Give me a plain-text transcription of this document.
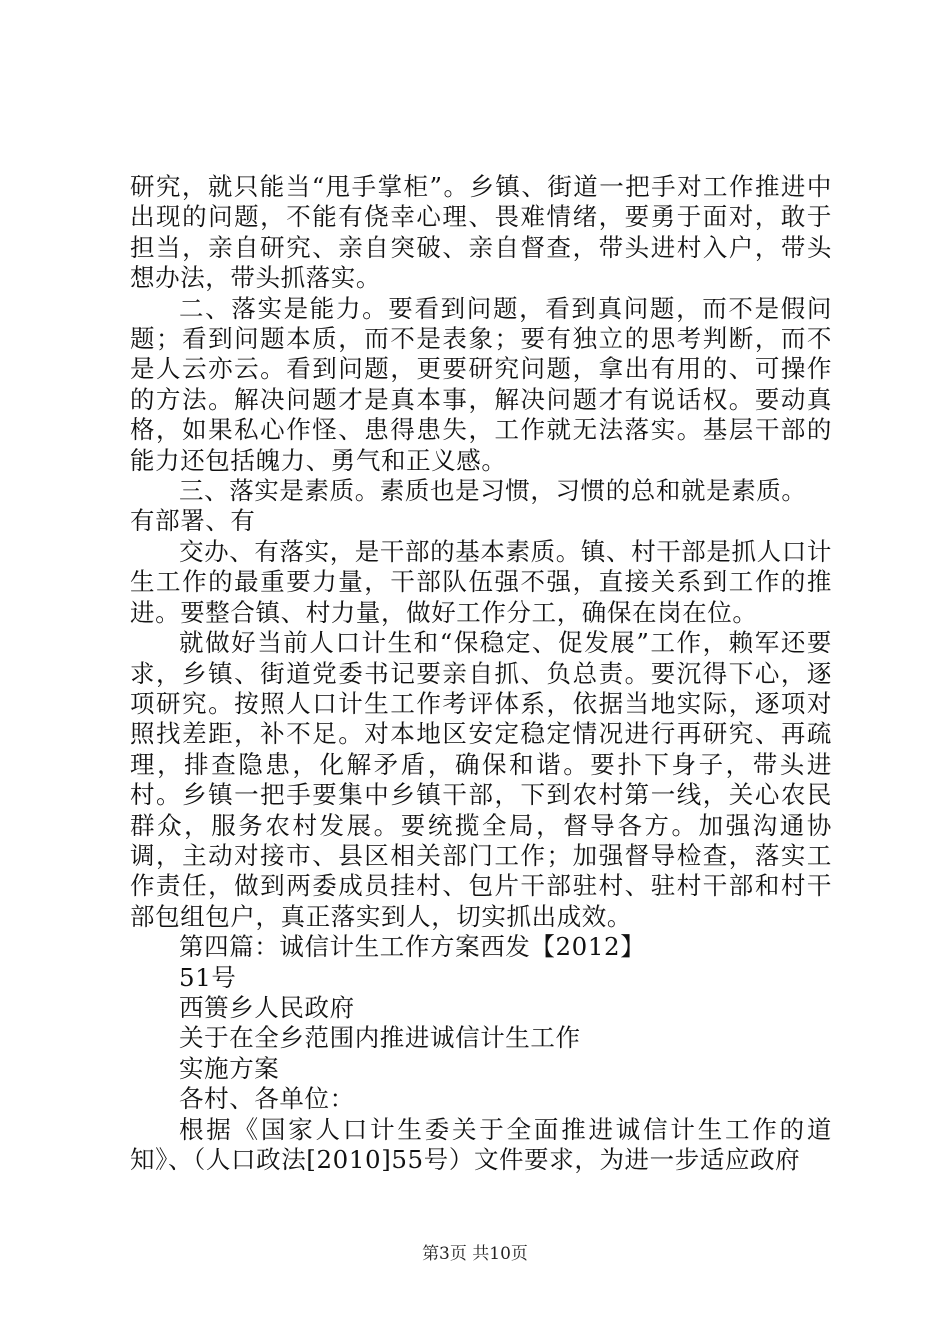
研究，就只能当“甩手掌柜”。乡镇、街道一把手对工作推进中出现的问题，不能有侥幸心理、畏难情绪，要勇于面对，敢于担当，亲自研究、亲自突破、亲自督查，带头进村入户，带头想办法，带头抓落实。

二、落实是能力。要看到问题，看到真问题，而不是假问题；看到问题本质，而不是表象；要有独立的思考判断，而不是人云亦云。看到问题，更要研究问题，拿出有用的、可操作的方法。解决问题才是真本事，解决问题才有说话权。要动真格，如果私心作怪、患得患失，工作就无法落实。基层干部的能力还包括魄力、勇气和正义感。

三、落实是素质。素质也是习惯，习惯的总和就是素质。

有部署、有

交办、有落实，是干部的基本素质。镇、村干部是抓人口计生工作的最重要力量，干部队伍强不强，直接关系到工作的推进。要整合镇、村力量，做好工作分工，确保在岗在位。

就做好当前人口计生和“保稳定、促发展”工作，赖军还要求，乡镇、街道党委书记要亲自抓、负总责。要沉得下心，逐项研究。按照人口计生工作考评体系，依据当地实际，逐项对照找差距，补不足。对本地区安定稳定情况进行再研究、再疏理，排查隐患，化解矛盾，确保和谐。要扑下身子，带头进村。乡镇一把手要集中乡镇干部，下到农村第一线，关心农民群众，服务农村发展。要统揽全局，督导各方。加强沟通协调，主动对接市、县区相关部门工作；加强督导检查，落实工作责任，做到两委成员挂村、包片干部驻村、驻村干部和村干部包组包户，真正落实到人，切实抓出成效。

第四篇：诚信计生工作方案西发【2012】

51号

西篑乡人民政府

关于在全乡范围内推进诚信计生工作

实施方案

各村、各单位：

根据《国家人口计生委关于全面推进诚信计生工作的道知》、（人口政法[2010]55号）文件要求，为进一步适应政府

第3页 共10页
